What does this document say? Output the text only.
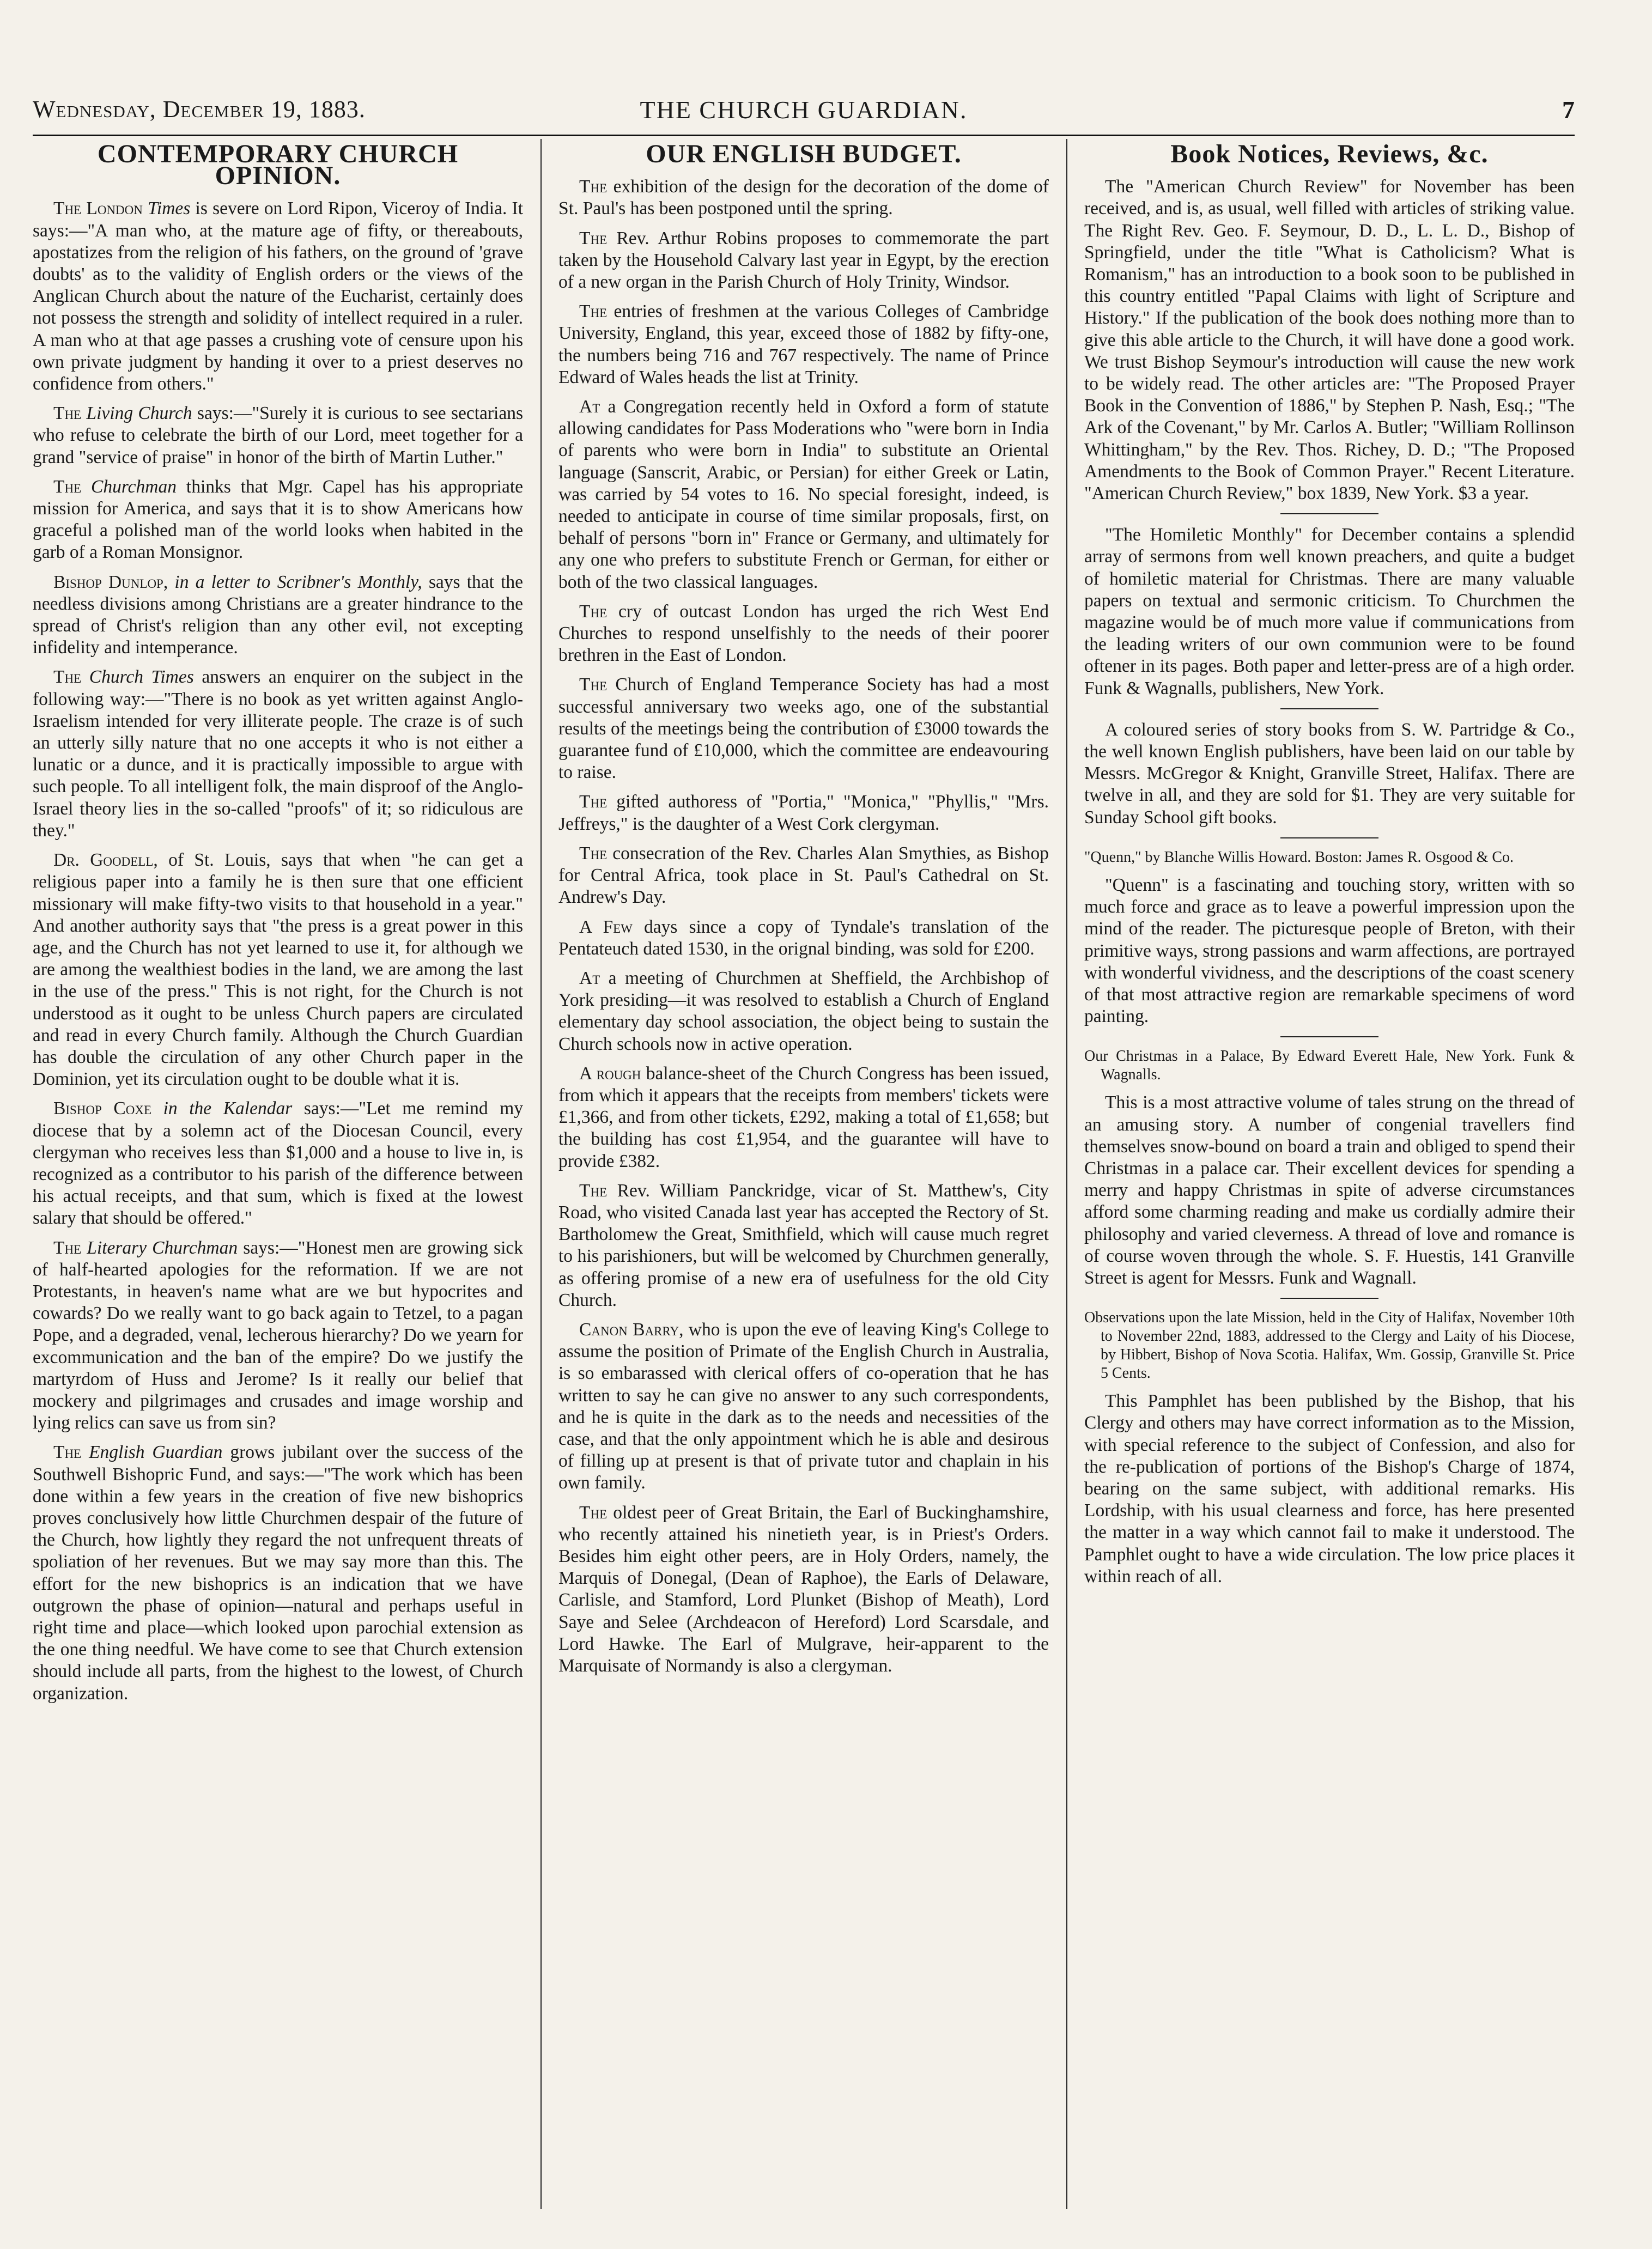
Wednesday, December 19, 1883.	THE CHURCH GUARDIAN.	7
CONTEMPORARY CHURCH OPINION.

The London Times is severe on Lord Ripon, Viceroy of India. It says:—"A man who, at the mature age of fifty, or thereabouts, apostatizes from the religion of his fathers, on the ground of 'grave doubts' as to the validity of English orders or the views of the Anglican Church about the nature of the Eucharist, certainly does not possess the strength and solidity of intellect required in a ruler. A man who at that age passes a crushing vote of censure upon his own private judgment by handing it over to a priest deserves no confidence from others."

The Living Church says:—"Surely it is curious to see sectarians who refuse to celebrate the birth of our Lord, meet together for a grand "service of praise" in honor of the birth of Martin Luther."

The Churchman thinks that Mgr. Capel has his appropriate mission for America, and says that it is to show Americans how graceful a polished man of the world looks when habited in the garb of a Roman Monsignor.

Bishop Dunlop, in a letter to Scribner's Monthly, says that the needless divisions among Christians are a greater hindrance to the spread of Christ's religion than any other evil, not excepting infidelity and intemperance.

The Church Times answers an enquirer on the subject in the following way:—"There is no book as yet written against Anglo-Israelism intended for very illiterate people. The craze is of such an utterly silly nature that no one accepts it who is not either a lunatic or a dunce, and it is practically impossible to argue with such people. To all intelligent folk, the main disproof of the Anglo-Israel theory lies in the so-called "proofs" of it; so ridiculous are they."

Dr. Goodell, of St. Louis, says that when "he can get a religious paper into a family he is then sure that one efficient missionary will make fifty-two visits to that household in a year." And another authority says that "the press is a great power in this age, and the Church has not yet learned to use it, for although we are among the wealthiest bodies in the land, we are among the last in the use of the press." This is not right, for the Church is not understood as it ought to be unless Church papers are circulated and read in every Church family. Although the Church Guardian has double the circulation of any other Church paper in the Dominion, yet its circulation ought to be double what it is.

Bishop Coxe in the Kalendar says:—"Let me remind my diocese that by a solemn act of the Diocesan Council, every clergyman who receives less than $1,000 and a house to live in, is recognized as a contributor to his parish of the difference between his actual receipts, and that sum, which is fixed at the lowest salary that should be offered."

The Literary Churchman says:—"Honest men are growing sick of half-hearted apologies for the reformation. If we are not Protestants, in heaven's name what are we but hypocrites and cowards? Do we really want to go back again to Tetzel, to a pagan Pope, and a degraded, venal, lecherous hierarchy? Do we yearn for excommunication and the ban of the empire? Do we justify the martyrdom of Huss and Jerome? Is it really our belief that mockery and pilgrimages and crusades and image worship and lying relics can save us from sin?

The English Guardian grows jubilant over the success of the Southwell Bishopric Fund, and says:—"The work which has been done within a few years in the creation of five new bishoprics proves conclusively how little Churchmen despair of the future of the Church, how lightly they regard the not unfrequent threats of spoliation of her revenues. But we may say more than this. The effort for the new bishoprics is an indication that we have outgrown the phase of opinion—natural and perhaps useful in right time and place—which looked upon parochial extension as the one thing needful. We have come to see that Church extension should include all parts, from the highest to the lowest, of Church organization.

OUR ENGLISH BUDGET.

The exhibition of the design for the decoration of the dome of St. Paul's has been postponed until the spring.

The Rev. Arthur Robins proposes to commemorate the part taken by the Household Calvary last year in Egypt, by the erection of a new organ in the Parish Church of Holy Trinity, Windsor.

The entries of freshmen at the various Colleges of Cambridge University, England, this year, exceed those of 1882 by fifty-one, the numbers being 716 and 767 respectively. The name of Prince Edward of Wales heads the list at Trinity.

At a Congregation recently held in Oxford a form of statute allowing candidates for Pass Moderations who "were born in India of parents who were born in India" to substitute an Oriental language (Sanscrit, Arabic, or Persian) for either Greek or Latin, was carried by 54 votes to 16. No special foresight, indeed, is needed to anticipate in course of time similar proposals, first, on behalf of persons "born in" France or Germany, and ultimately for any one who prefers to substitute French or German, for either or both of the two classical languages.

The cry of outcast London has urged the rich West End Churches to respond unselfishly to the needs of their poorer brethren in the East of London.

The Church of England Temperance Society has had a most successful anniversary two weeks ago, one of the substantial results of the meetings being the contribution of £3000 towards the guarantee fund of £10,000, which the committee are endeavouring to raise.

The gifted authoress of "Portia," "Monica," "Phyllis," "Mrs. Jeffreys," is the daughter of a West Cork clergyman.

The consecration of the Rev. Charles Alan Smythies, as Bishop for Central Africa, took place in St. Paul's Cathedral on St. Andrew's Day.

A Few days since a copy of Tyndale's translation of the Pentateuch dated 1530, in the orignal binding, was sold for £200.

At a meeting of Churchmen at Sheffield, the Archbishop of York presiding—it was resolved to establish a Church of England elementary day school association, the object being to sustain the Church schools now in active operation.

A rough balance-sheet of the Church Congress has been issued, from which it appears that the receipts from members' tickets were £1,366, and from other tickets, £292, making a total of £1,658; but the building has cost £1,954, and the guarantee will have to provide £382.

The Rev. William Panckridge, vicar of St. Matthew's, City Road, who visited Canada last year has accepted the Rectory of St. Bartholomew the Great, Smithfield, which will cause much regret to his parishioners, but will be welcomed by Churchmen generally, as offering promise of a new era of usefulness for the old City Church.

Canon Barry, who is upon the eve of leaving King's College to assume the position of Primate of the English Church in Australia, is so embarassed with clerical offers of co-operation that he has written to say he can give no answer to any such correspondents, and he is quite in the dark as to the needs and necessities of the case, and that the only appointment which he is able and desirous of filling up at present is that of private tutor and chaplain in his own family.

The oldest peer of Great Britain, the Earl of Buckinghamshire, who recently attained his ninetieth year, is in Priest's Orders. Besides him eight other peers, are in Holy Orders, namely, the Marquis of Donegal, (Dean of Raphoe), the Earls of Delaware, Carlisle, and Stamford, Lord Plunket (Bishop of Meath), Lord Saye and Selee (Archdeacon of Hereford) Lord Scarsdale, and Lord Hawke. The Earl of Mulgrave, heir-apparent to the Marquisate of Normandy is also a clergyman.

Book Notices, Reviews, &c.

The "American Church Review" for November has been received, and is, as usual, well filled with articles of striking value. The Right Rev. Geo. F. Seymour, D. D., L. L. D., Bishop of Springfield, under the title "What is Catholicism? What is Romanism," has an introduction to a book soon to be published in this country entitled "Papal Claims with light of Scripture and History." If the publication of the book does nothing more than to give this able article to the Church, it will have done a good work. We trust Bishop Seymour's introduction will cause the new work to be widely read. The other articles are: "The Proposed Prayer Book in the Convention of 1886," by Stephen P. Nash, Esq.; "The Ark of the Covenant," by Mr. Carlos A. Butler; "William Rollinson Whittingham," by the Rev. Thos. Richey, D. D.; "The Proposed Amendments to the Book of Common Prayer." Recent Literature. "American Church Review," box 1839, New York. $3 a year.

"The Homiletic Monthly" for December contains a splendid array of sermons from well known preachers, and quite a budget of homiletic material for Christmas. There are many valuable papers on textual and sermonic criticism. To Churchmen the magazine would be of much more value if communications from the leading writers of our own communion were to be found oftener in its pages. Both paper and letter-press are of a high order. Funk & Wagnalls, publishers, New York.

A coloured series of story books from S. W. Partridge & Co., the well known English publishers, have been laid on our table by Messrs. McGregor & Knight, Granville Street, Halifax. There are twelve in all, and they are sold for $1. They are very suitable for Sunday School gift books.

"Quenn," by Blanche Willis Howard. Boston: James R. Osgood & Co.

"Quenn" is a fascinating and touching story, written with so much force and grace as to leave a powerful impression upon the mind of the reader. The picturesque people of Breton, with their primitive ways, strong passions and warm affections, are portrayed with wonderful vividness, and the descriptions of the coast scenery of that most attractive region are remarkable specimens of word painting.

Our Christmas in a Palace, By Edward Everett Hale, New York. Funk & Wagnalls.

This is a most attractive volume of tales strung on the thread of an amusing story. A number of congenial travellers find themselves snow-bound on board a train and obliged to spend their Christmas in a palace car. Their excellent devices for spending a merry and happy Christmas in spite of adverse circumstances afford some charming reading and make us cordially admire their philosophy and varied cleverness. A thread of love and romance is of course woven through the whole. S. F. Huestis, 141 Granville Street is agent for Messrs. Funk and Wagnall.

Observations upon the late Mission, held in the City of Halifax, November 10th to November 22nd, 1883, addressed to the Clergy and Laity of his Diocese, by Hibbert, Bishop of Nova Scotia. Halifax, Wm. Gossip, Granville St. Price 5 Cents.

This Pamphlet has been published by the Bishop, that his Clergy and others may have correct information as to the Mission, with special reference to the subject of Confession, and also for the re-publication of portions of the Bishop's Charge of 1874, bearing on the same subject, with additional remarks. His Lordship, with his usual clearness and force, has here presented the matter in a way which cannot fail to make it understood. The Pamphlet ought to have a wide circulation. The low price places it within reach of all.
